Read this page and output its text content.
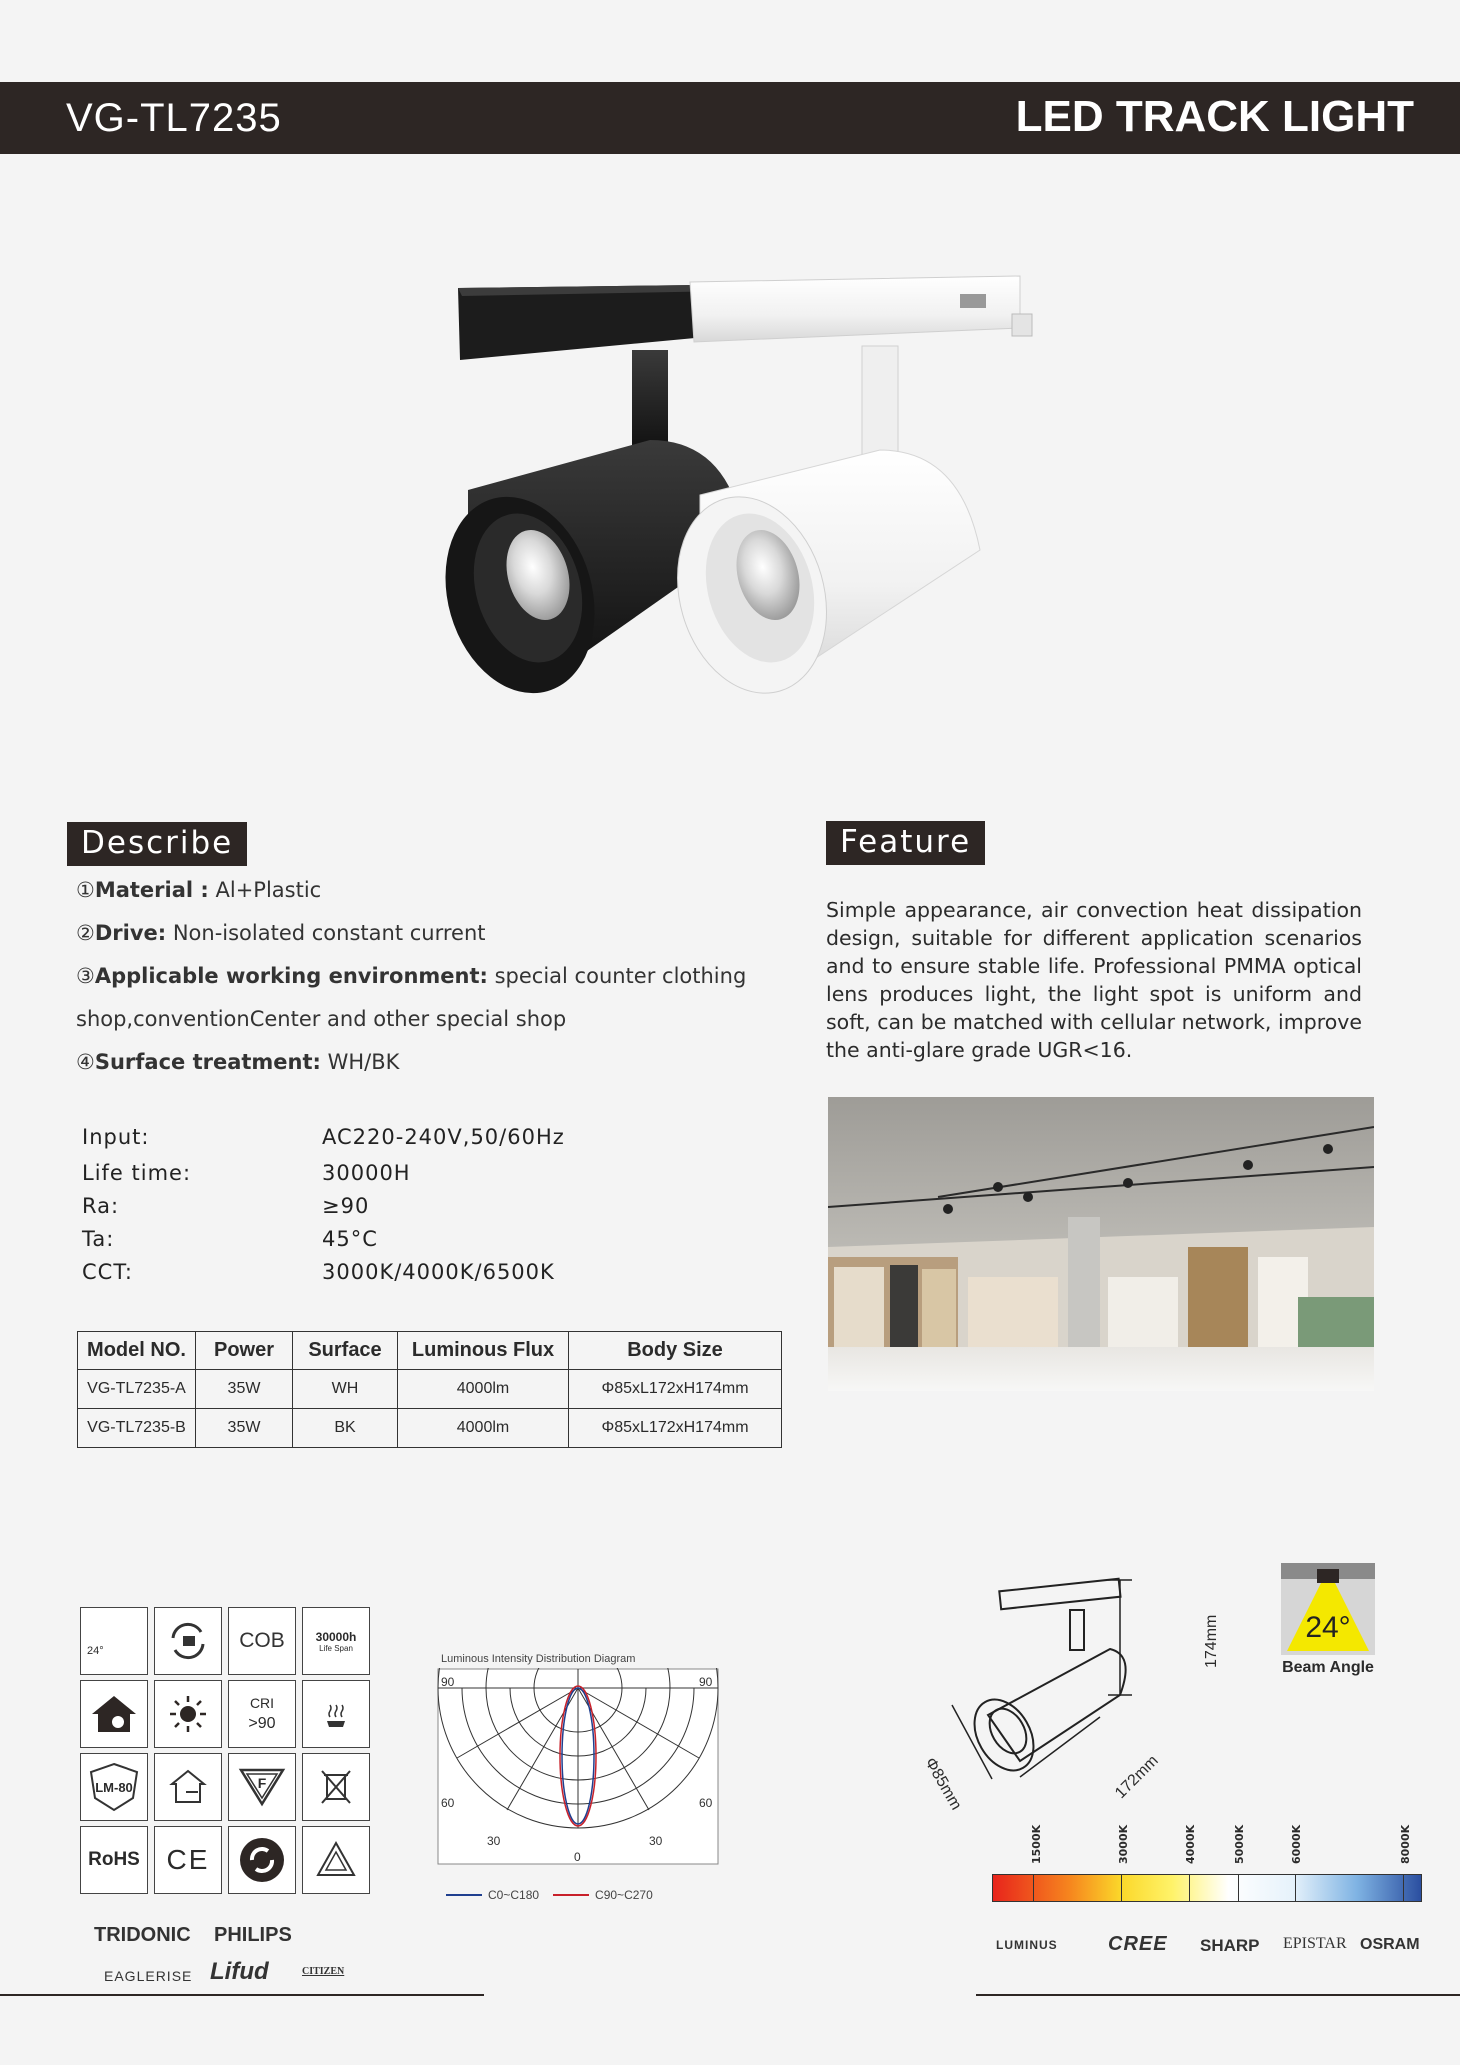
VG-TL7235	LED TRACK LIGHT
Describe
①Material : Al+Plastic
②Drive: Non-isolated constant current
③Applicable working environment: special counter clothing
shop,conventionCenter and other special shop
④Surface treatment: WH/BK
Input:	AC220-240V,50/60Hz
Life time:	30000H
Ra:	≥90
Ta:	45°C
CCT:	3000K/4000K/6500K
Model NO.	Power	Surface	Luminous Flux	Body Size
VG-TL7235-A	35W	WH	4000lm	Φ85xL172xH174mm
VG-TL7235-B	35W	BK	4000lm	Φ85xL172xH174mm
Feature
Simple appearance, air convection heat dissipation design, suitable for different application scenarios and to ensure stable life. Professional PMMA optical lens produces light, the light spot is uniform and soft, can be matched with cellular network, improve the anti-glare grade UGR<16.
24°	COB	30000h
Life Span
CRI
>90
LM-80	F
RoHS CE
TRIDONIC PHILIPS
EAGLERISE Lifud	CITIZEN
Luminous Intensity Distribution Diagram
90	90
60	60
30	30
0
C0~C180	C90~C270
174mm
Φ85mm	172mm
24°
Beam Angle
1500K	3000K	4000K	5000K	6000K	8000K
LUMINUS	CREE SHARP EPISTAR OSRAM
